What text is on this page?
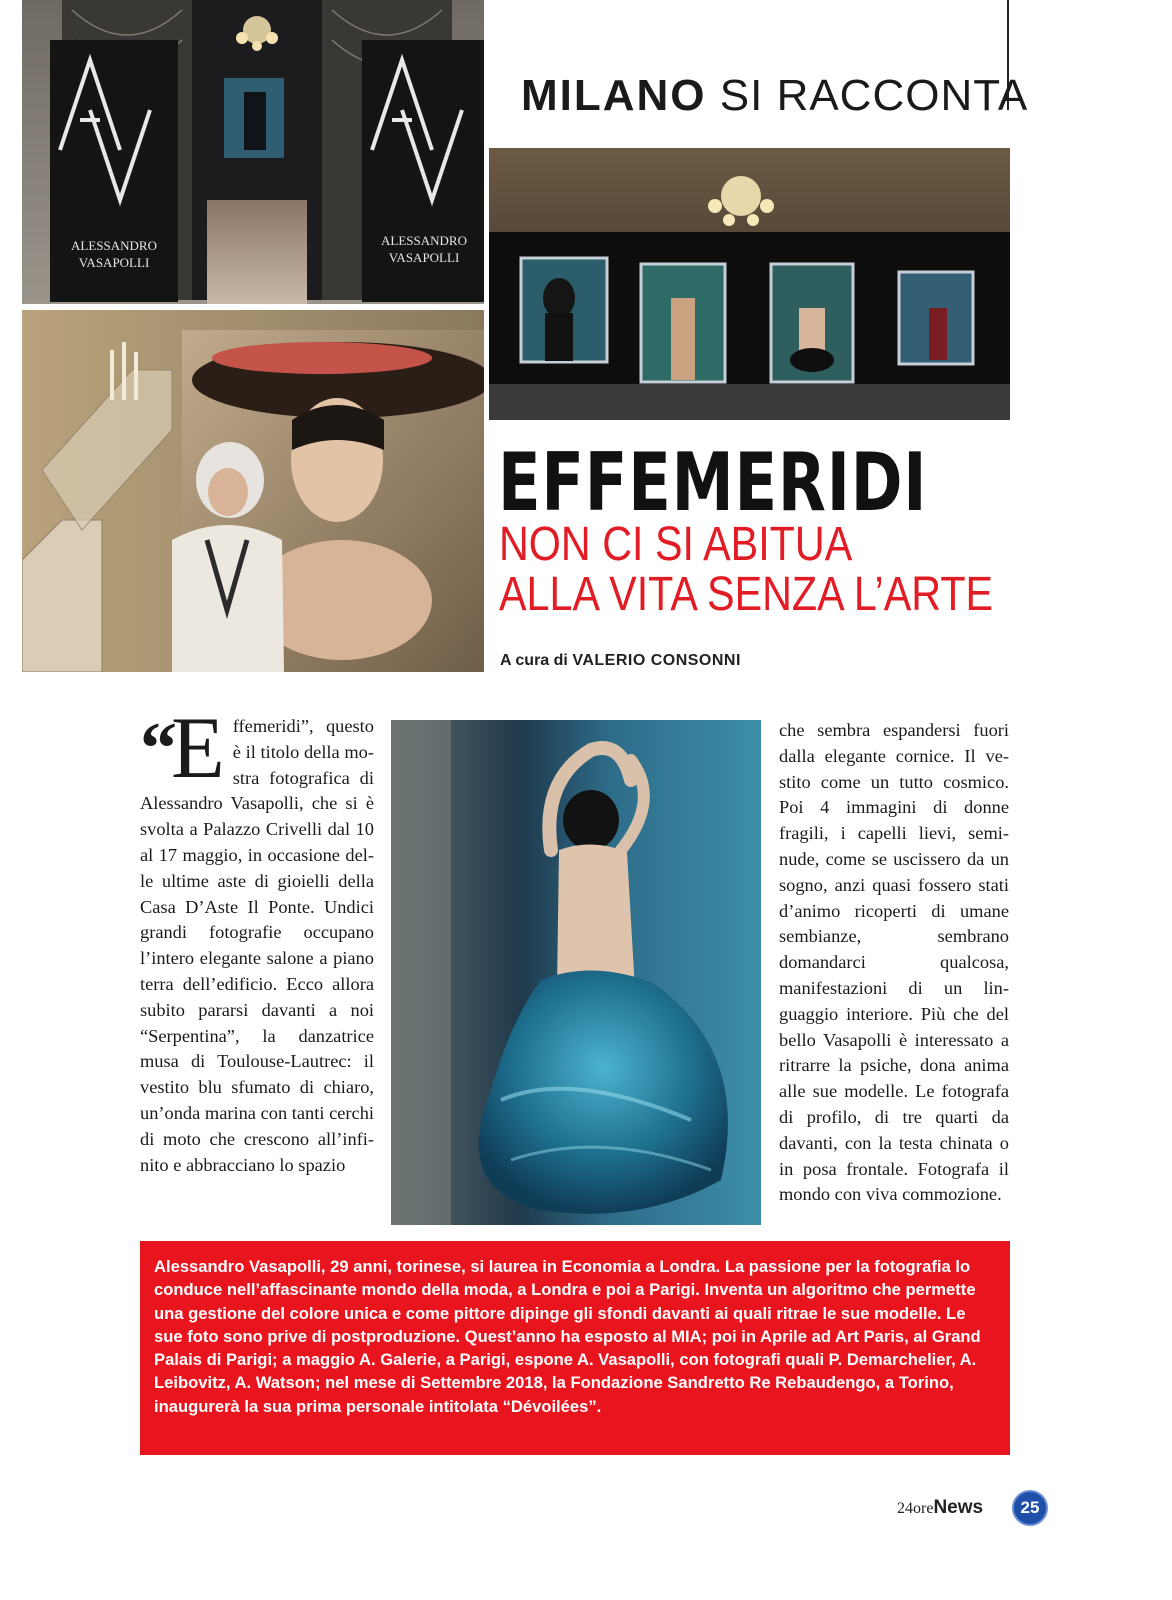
ALESSANDRO
VASAPOLLI
ALESSANDRO
VASAPOLLI
MILANO SI RACCONTA
EFFEMERIDI
NON CI SI ABITUA
ALLA VITA SENZA L’ARTE
A cura di VALERIO CONSONNI
“E ffemeridi”, questo è il titolo della mostra fotografica di Alessandro Vasapolli, che si è svolta a Palazzo Crivelli dal 10 al 17 maggio, in occasione delle ultime aste di gioielli della Casa D’Aste Il Ponte. Undici grandi fotografie occupano l’intero elegante salone a piano terra dell’edificio. Ecco allora subito pararsi davanti a noi “Serpentina”, la danzatrice musa di Toulouse-Lautrec: il vestito blu sfumato di chiaro, un’onda marina con tanti cerchi di moto che crescono all’infinito e abbracciano lo spazio
che sembra espandersi fuori dalla elegante cornice. Il vestito come un tutto cosmico. Poi 4 immagini di donne fragili, i capelli lievi, seminude, come se uscissero da un sogno, anzi quasi fossero stati d’animo ricoperti di umane sembianze, sembrano domandarci qualcosa, manifestazioni di un linguaggio interiore. Più che del bello Vasapolli è interessato a ritrarre la psiche, dona anima alle sue modelle. Le fotografa di profilo, di tre quarti da davanti, con la testa chinata o in posa frontale. Fotografa il mondo con viva commozione.

Alessandro Vasapolli, 29 anni, torinese, si laurea in Economia a Londra. La passione per la fotografia lo conduce nell’affascinante mondo della moda, a Londra e poi a Parigi. Inventa un algoritmo che permette una gestione del colore unica e come pittore dipinge gli sfondi davanti ai quali ritrae le sue modelle. Le sue foto sono prive di postproduzione. Quest’anno ha esposto al MIA; poi in Aprile ad Art Paris, al Grand Palais di Parigi; a maggio A. Galerie, a Parigi, espone A. Vasapolli, con fotografi quali P. Demarchelier, A. Leibovitz, A. Watson; nel mese di Settembre 2018, la Fondazione Sandretto Re Rebaudengo, a Torino, inaugurerà la sua prima personale intitolata “Dévoilées”.

24oreNews	25
